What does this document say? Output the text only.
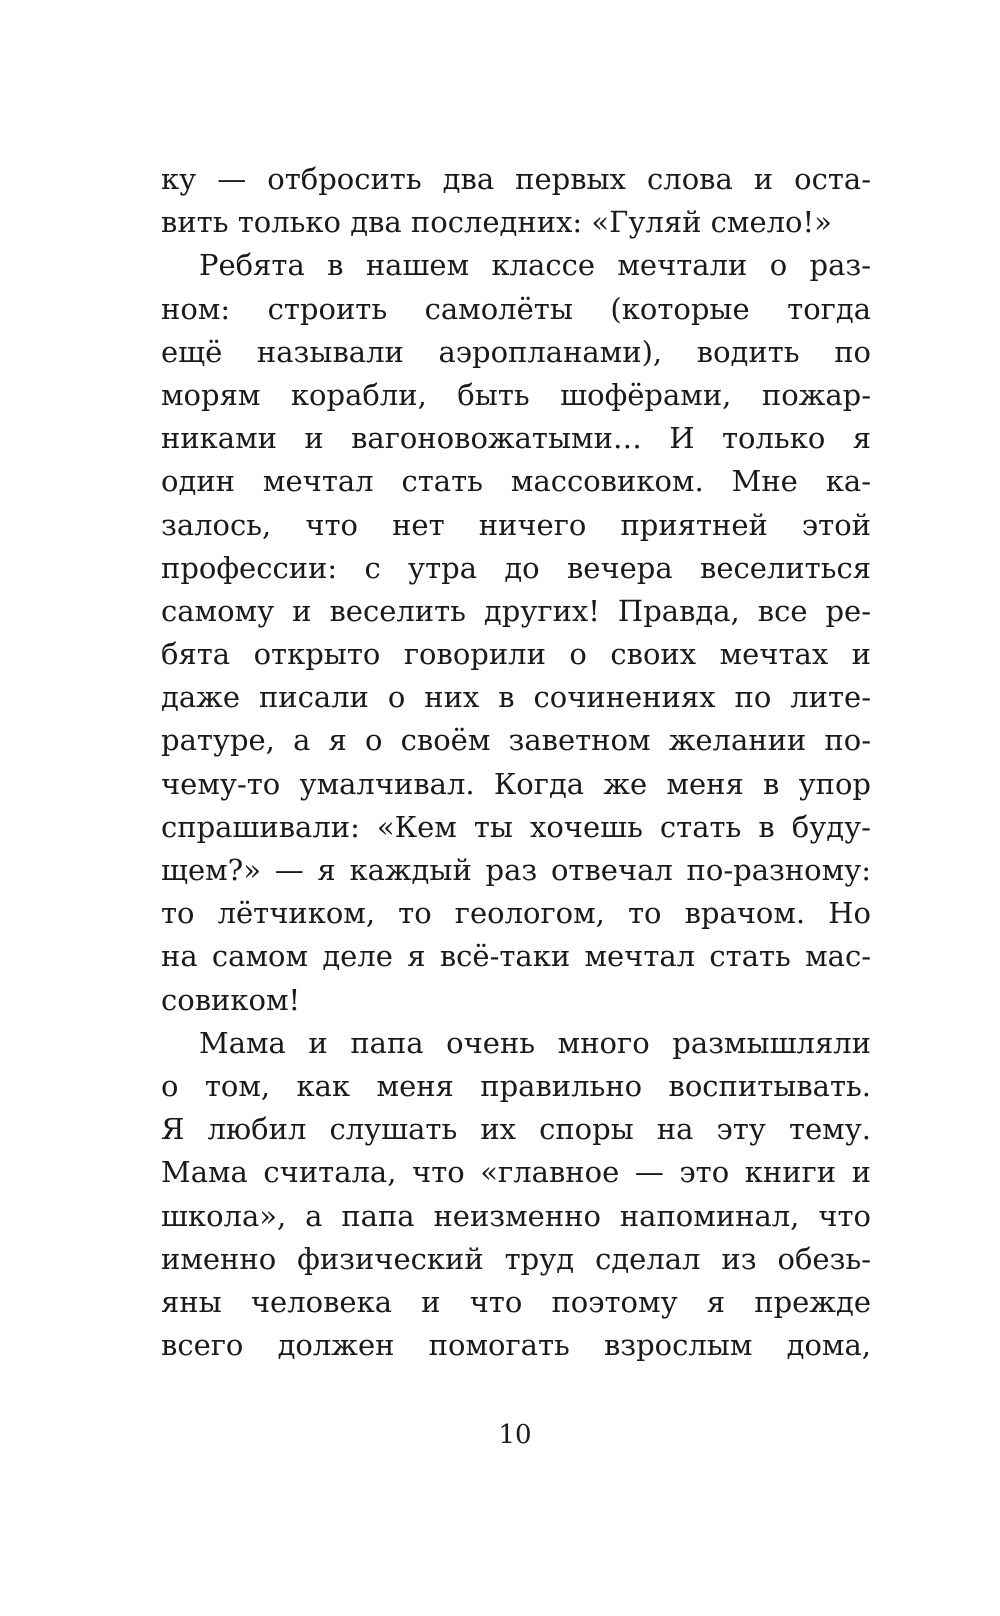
ку — отбросить два первых слова и оста-
вить только два последних: «Гуляй смело!»
Ребята в нашем классе мечтали о раз-
ном: строить самолёты (которые тогда
ещё называли аэропланами), водить по
морям корабли, быть шофёрами, пожар-
никами и вагоновожатыми… И только я
один мечтал стать массовиком. Мне ка-
залось, что нет ничего приятней этой
профессии: с утра до вечера веселиться
самому и веселить других! Правда, все ре-
бята открыто говорили о своих мечтах и
даже писали о них в сочинениях по лите-
ратуре, а я о своём заветном желании по-
чему-то умалчивал. Когда же меня в упор
спрашивали: «Кем ты хочешь стать в буду-
щем?» — я каждый раз отвечал по-разному:
то лётчиком, то геологом, то врачом. Но
на самом деле я всё-таки мечтал стать мас-
совиком!
Мама и папа очень много размышляли
о том, как меня правильно воспитывать.
Я любил слушать их споры на эту тему.
Мама считала, что «главное — это книги и
школа», а папа неизменно напоминал, что
именно физический труд сделал из обезь-
яны человека и что поэтому я прежде
всего должен помогать взрослым дома,
10
